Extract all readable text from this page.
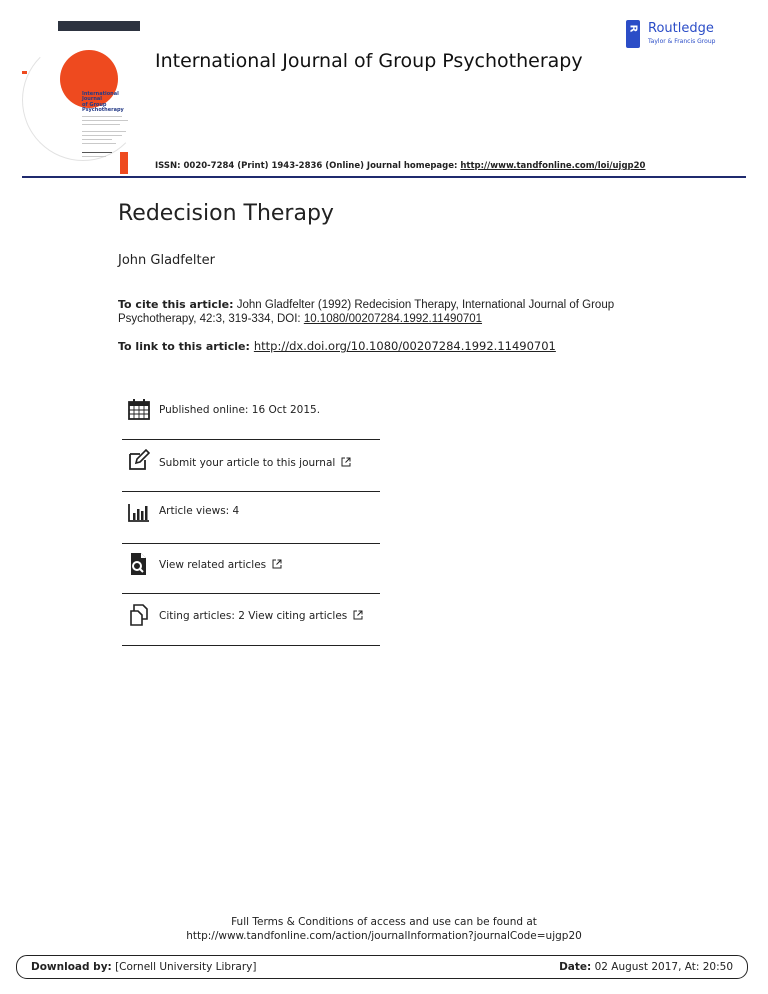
International
Journal
of Group
Psychotherapy
International Journal of Group Psychotherapy
R Routledge
Taylor & Francis Group
ISSN: 0020-7284 (Print) 1943-2836 (Online) Journal homepage: http://www.tandfonline.com/loi/ujgp20
Redecision Therapy
John Gladfelter
To cite this article: John Gladfelter (1992) Redecision Therapy, International Journal of Group Psychotherapy, 42:3, 319-334, DOI: 10.1080/00207284.1992.11490701
To link to this article: http://dx.doi.org/10.1080/00207284.1992.11490701
Published online: 16 Oct 2015.
Submit your article to this journal
Article views: 4
View related articles
Citing articles: 2 View citing articles
Full Terms & Conditions of access and use can be found at
http://www.tandfonline.com/action/journalInformation?journalCode=ujgp20
Download by: [Cornell University Library]	Date: 02 August 2017, At: 20:50
